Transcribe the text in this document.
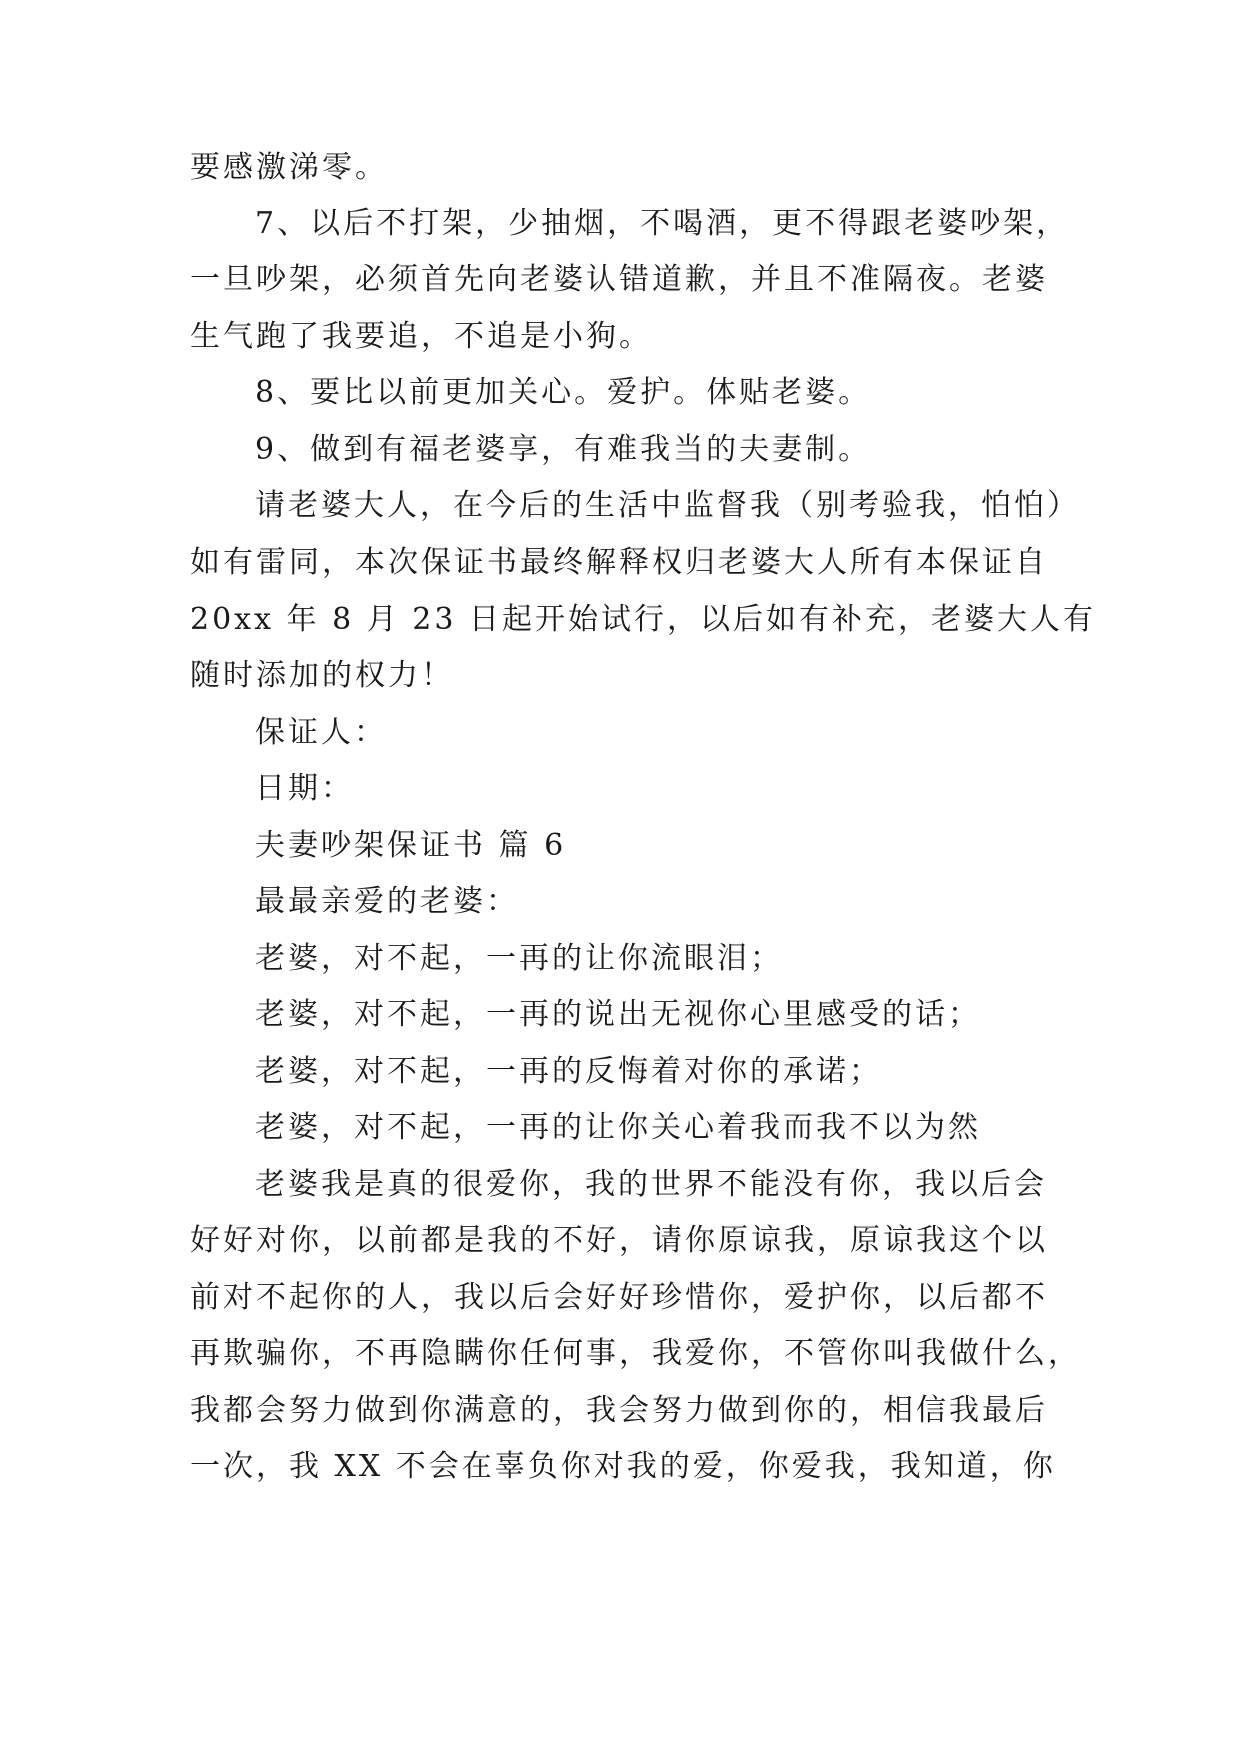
要感激涕零。
7、以后不打架，少抽烟，不喝酒，更不得跟老婆吵架，
一旦吵架，必须首先向老婆认错道歉，并且不准隔夜。老婆
生气跑了我要追，不追是小狗。
8、要比以前更加关心。爱护。体贴老婆。
9、做到有福老婆享，有难我当的夫妻制。
请老婆大人，在今后的生活中监督我（别考验我，怕怕）
如有雷同，本次保证书最终解释权归老婆大人所有本保证自
20xx 年 8 月 23 日起开始试行，以后如有补充，老婆大人有
随时添加的权力！
保证人：
日期：
夫妻吵架保证书 篇 6
最最亲爱的老婆：
老婆，对不起，一再的让你流眼泪；
老婆，对不起，一再的说出无视你心里感受的话；
老婆，对不起，一再的反悔着对你的承诺；
老婆，对不起，一再的让你关心着我而我不以为然
老婆我是真的很爱你，我的世界不能没有你，我以后会
好好对你，以前都是我的不好，请你原谅我，原谅我这个以
前对不起你的人，我以后会好好珍惜你，爱护你，以后都不
再欺骗你，不再隐瞒你任何事，我爱你，不管你叫我做什么，
我都会努力做到你满意的，我会努力做到你的，相信我最后
一次，我 XX 不会在辜负你对我的爱，你爱我，我知道，你
